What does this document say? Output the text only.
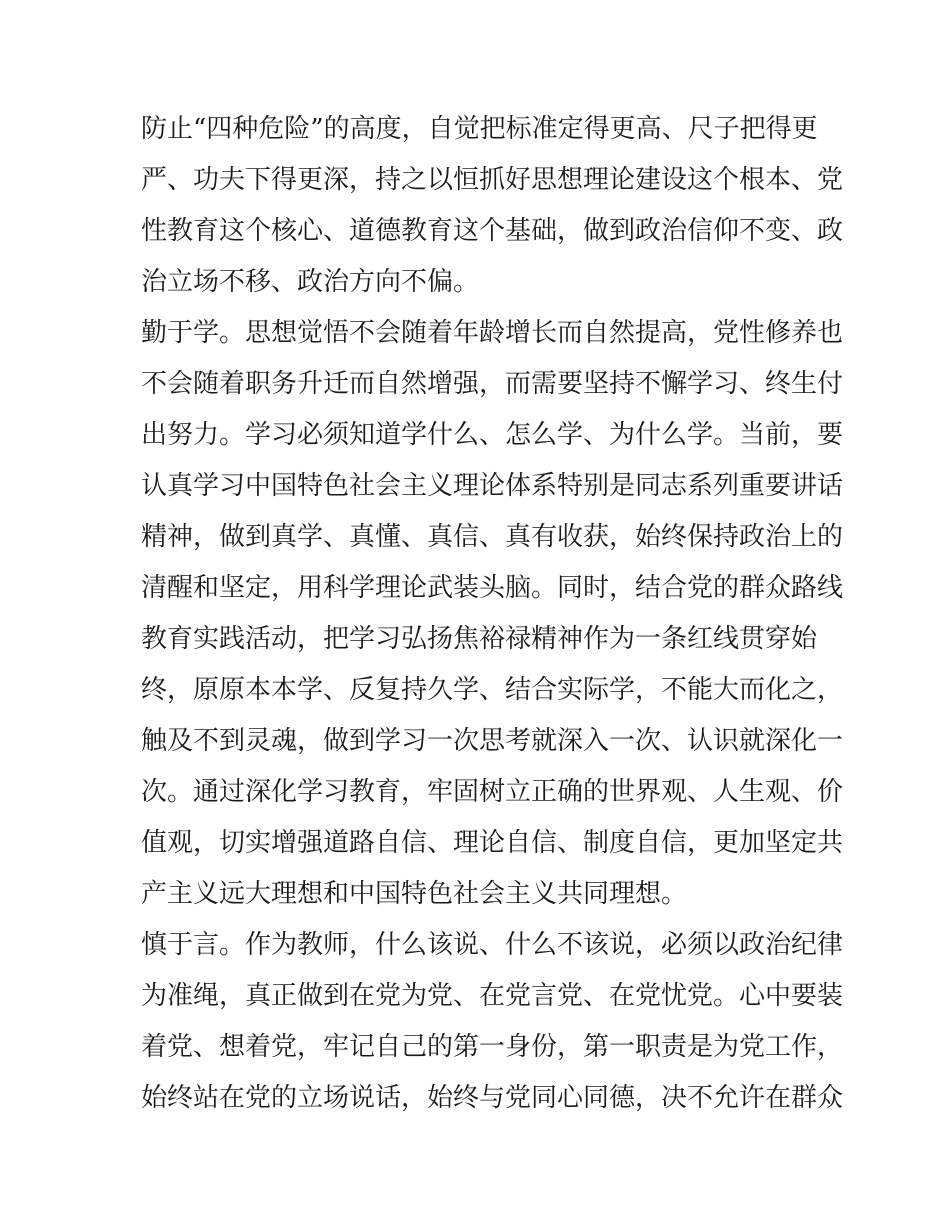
防止“四种危险”的高度，自觉把标准定得更高、尺子把得更
严、功夫下得更深，持之以恒抓好思想理论建设这个根本、党
性教育这个核心、道德教育这个基础，做到政治信仰不变、政
治立场不移、政治方向不偏。
勤于学。思想觉悟不会随着年龄增长而自然提高，党性修养也
不会随着职务升迁而自然增强，而需要坚持不懈学习、终生付
出努力。学习必须知道学什么、怎么学、为什么学。当前，要
认真学习中国特色社会主义理论体系特别是同志系列重要讲话
精神，做到真学、真懂、真信、真有收获，始终保持政治上的
清醒和坚定，用科学理论武装头脑。同时，结合党的群众路线
教育实践活动，把学习弘扬焦裕禄精神作为一条红线贯穿始
终，原原本本学、反复持久学、结合实际学，不能大而化之，
触及不到灵魂，做到学习一次思考就深入一次、认识就深化一
次。通过深化学习教育，牢固树立正确的世界观、人生观、价
值观，切实增强道路自信、理论自信、制度自信，更加坚定共
产主义远大理想和中国特色社会主义共同理想。
慎于言。作为教师，什么该说、什么不该说，必须以政治纪律
为准绳，真正做到在党为党、在党言党、在党忧党。心中要装
着党、想着党，牢记自己的第一身份，第一职责是为党工作，
始终站在党的立场说话，始终与党同心同德，决不允许在群众
